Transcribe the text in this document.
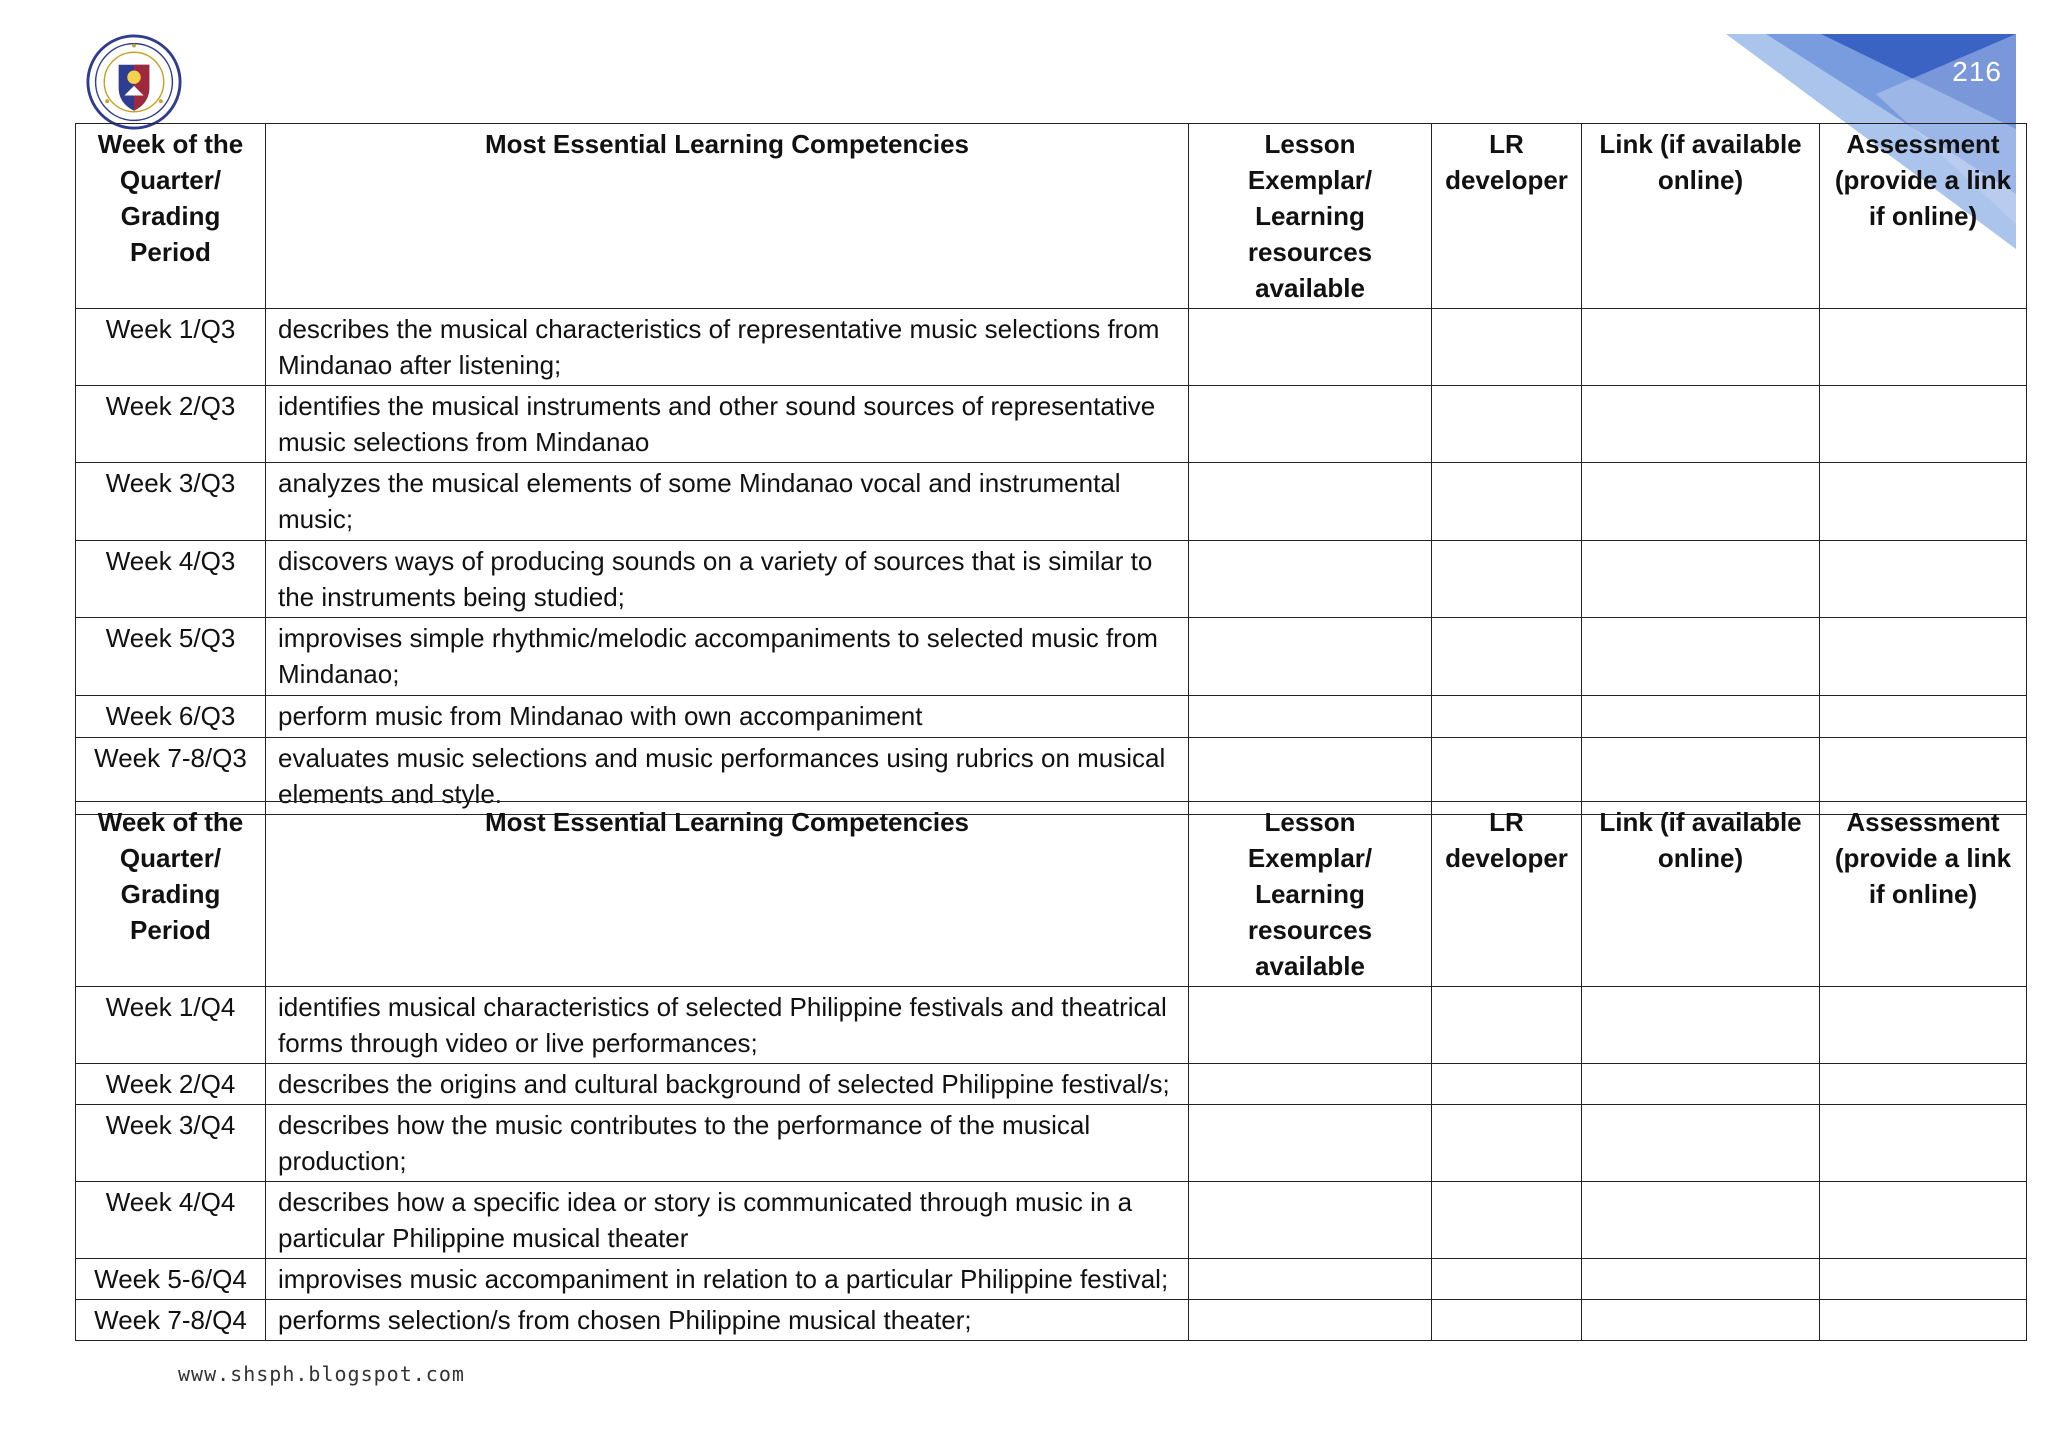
216
Week of the Quarter/ Grading Period	Most Essential Learning Competencies	Lesson Exemplar/ Learning resources available	LR developer	Link (if available online)	Assessment (provide a link if online)
Week 1/Q3	describes the musical characteristics of representative music selections from Mindanao after listening;				
Week 2/Q3	identifies the musical instruments and other sound sources of representative music selections from Mindanao				
Week 3/Q3	analyzes the musical elements of some Mindanao vocal and instrumental music;				
Week 4/Q3	discovers ways of producing sounds on a variety of sources that is similar to the instruments being studied;				
Week 5/Q3	improvises simple rhythmic/melodic accompaniments to selected music from Mindanao;				
Week 6/Q3	perform music from Mindanao with own accompaniment				
Week 7-8/Q3	evaluates music selections and music performances using rubrics on musical elements and style.				
Week of the Quarter/ Grading Period	Most Essential Learning Competencies	Lesson Exemplar/ Learning resources available	LR developer	Link (if available online)	Assessment (provide a link if online)
Week 1/Q4	identifies musical characteristics of selected Philippine festivals and theatrical forms through video or live performances;				
Week 2/Q4	describes the origins and cultural background of selected Philippine festival/s;				
Week 3/Q4	describes how the music contributes to the performance of the musical production;				
Week 4/Q4	describes how a specific idea or story is communicated through music in a particular Philippine musical theater				
Week 5-6/Q4	improvises music accompaniment in relation to a particular Philippine festival;				
Week 7-8/Q4	performs selection/s from chosen Philippine musical theater;				
www.shsph.blogspot.com
